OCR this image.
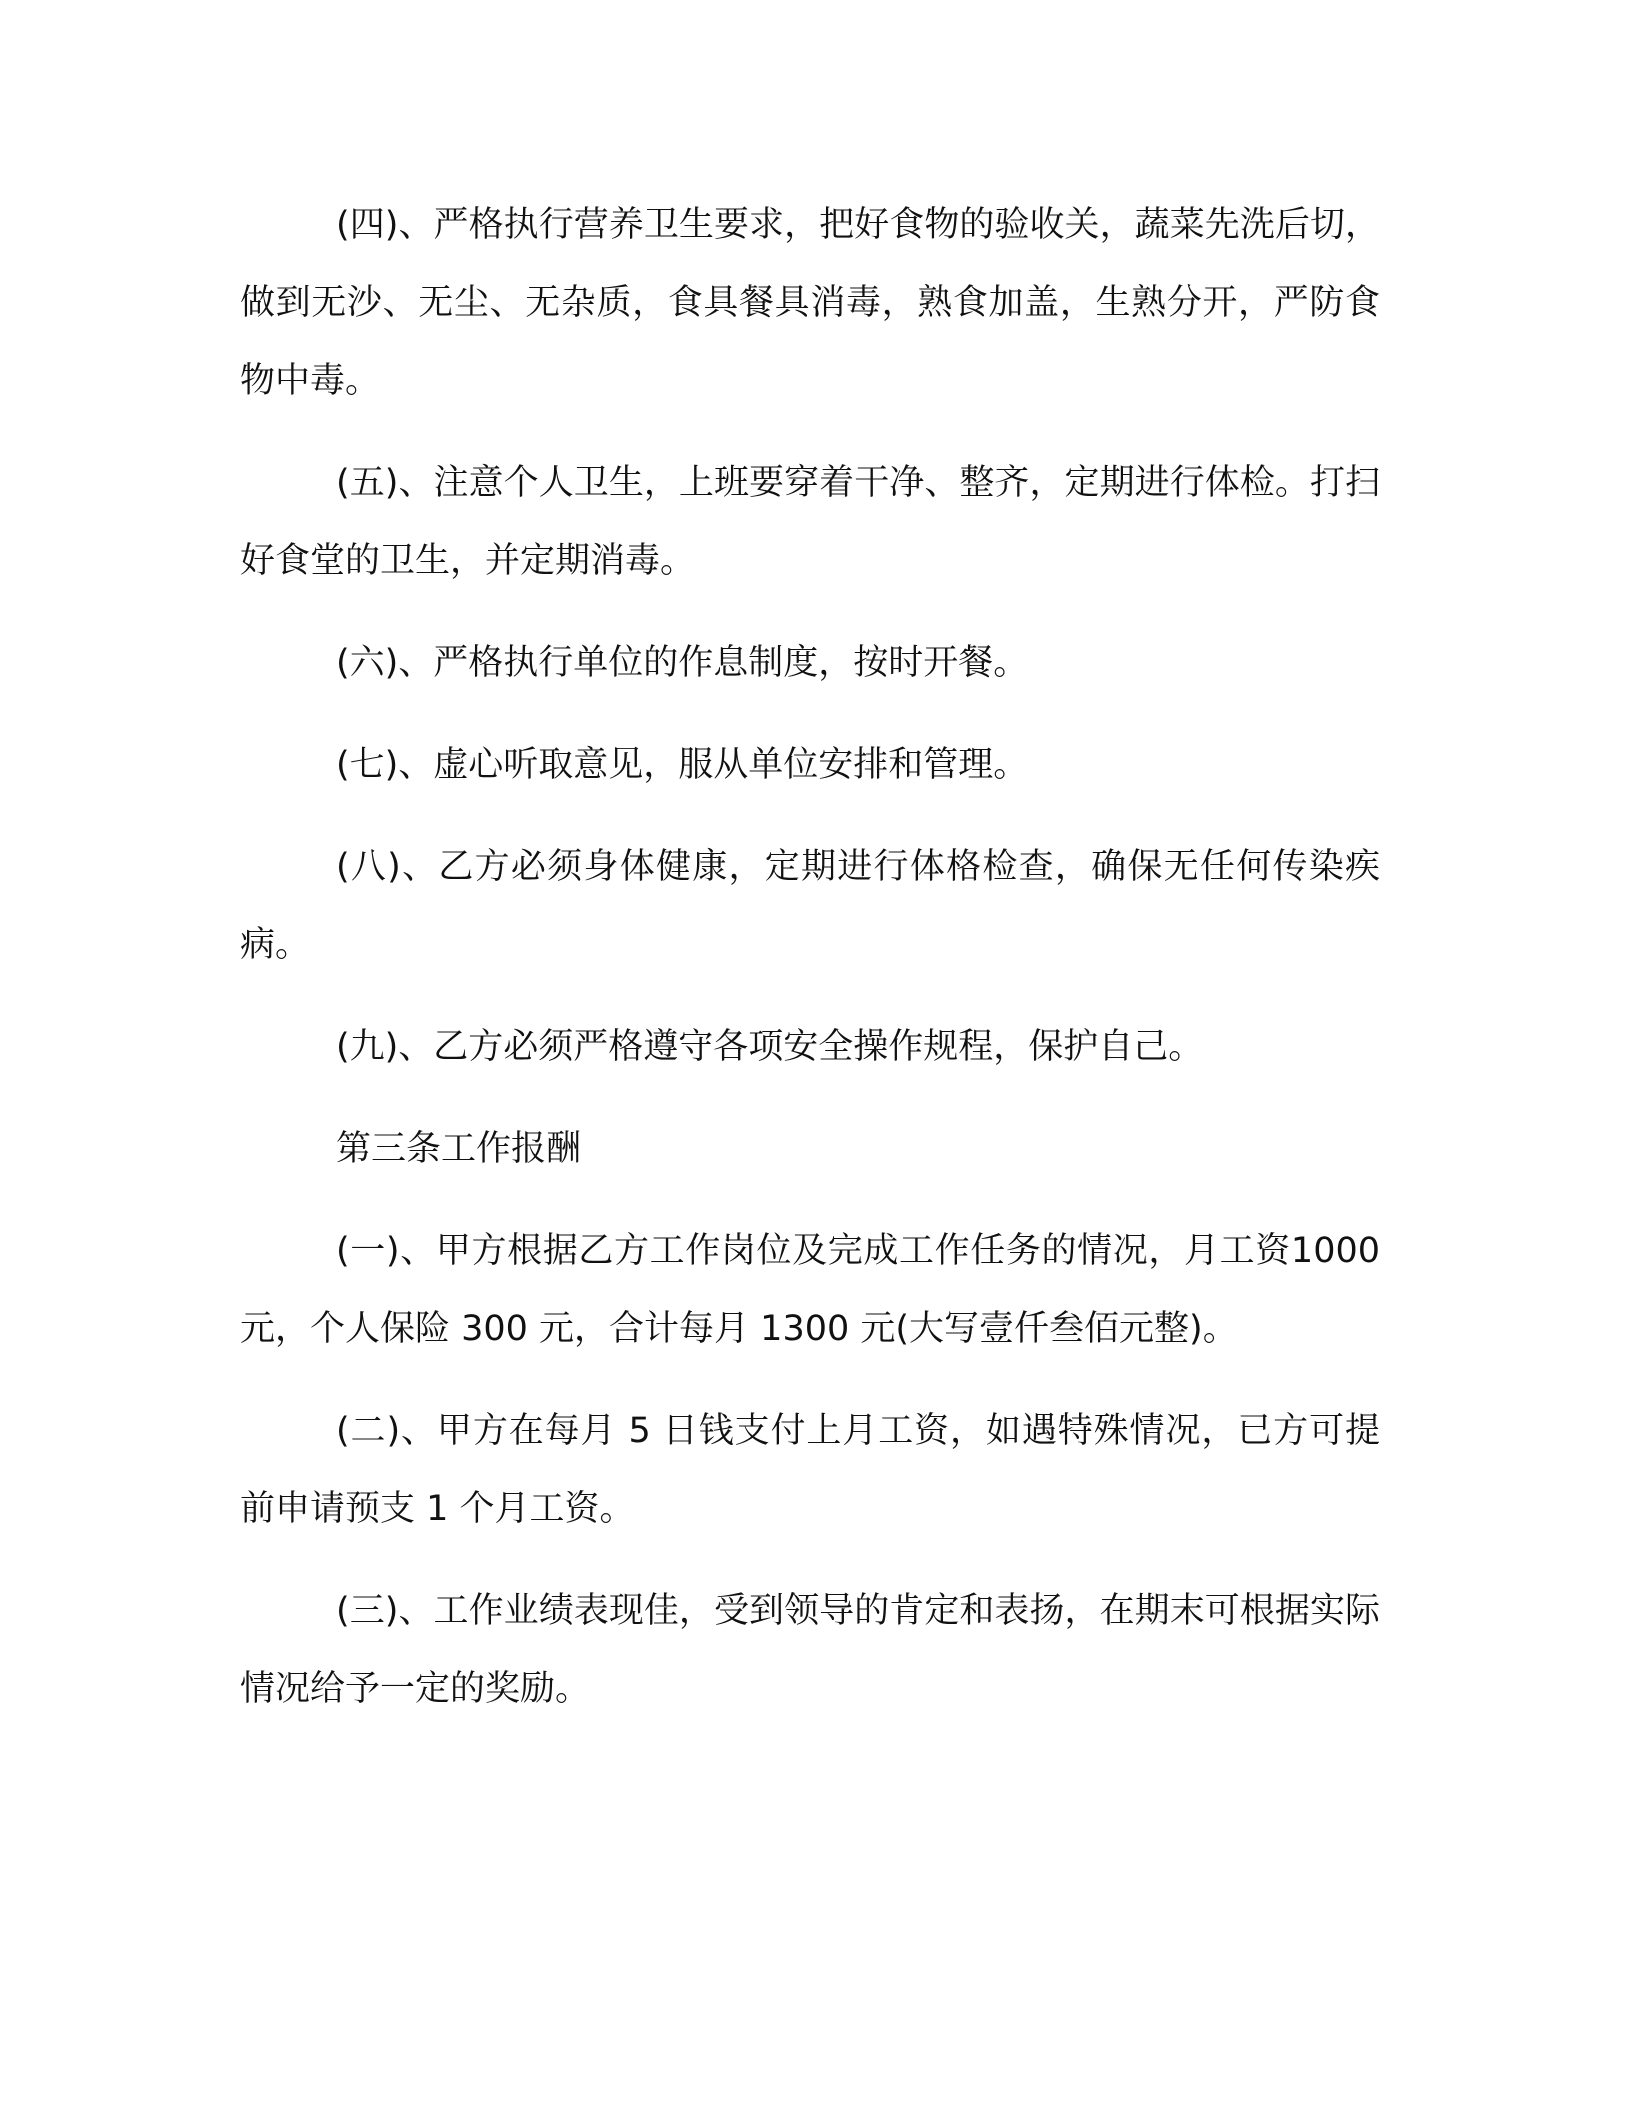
(四)、严格执行营养卫生要求，把好食物的验收关，蔬菜先洗后切，做到无沙、无尘、无杂质，食具餐具消毒，熟食加盖，生熟分开，严防食物中毒。

(五)、注意个人卫生，上班要穿着干净、整齐，定期进行体检。打扫好食堂的卫生，并定期消毒。

(六)、严格执行单位的作息制度，按时开餐。

(七)、虚心听取意见，服从单位安排和管理。

(八)、乙方必须身体健康，定期进行体格检查，确保无任何传染疾病。

(九)、乙方必须严格遵守各项安全操作规程，保护自己。

第三条工作报酬

(一)、甲方根据乙方工作岗位及完成工作任务的情况，月工资1000 元，个人保险 300 元，合计每月 1300 元(大写壹仟叁佰元整)。

(二)、甲方在每月 5 日钱支付上月工资，如遇特殊情况，已方可提前申请预支 1 个月工资。

(三)、工作业绩表现佳，受到领导的肯定和表扬，在期末可根据实际情况给予一定的奖励。
